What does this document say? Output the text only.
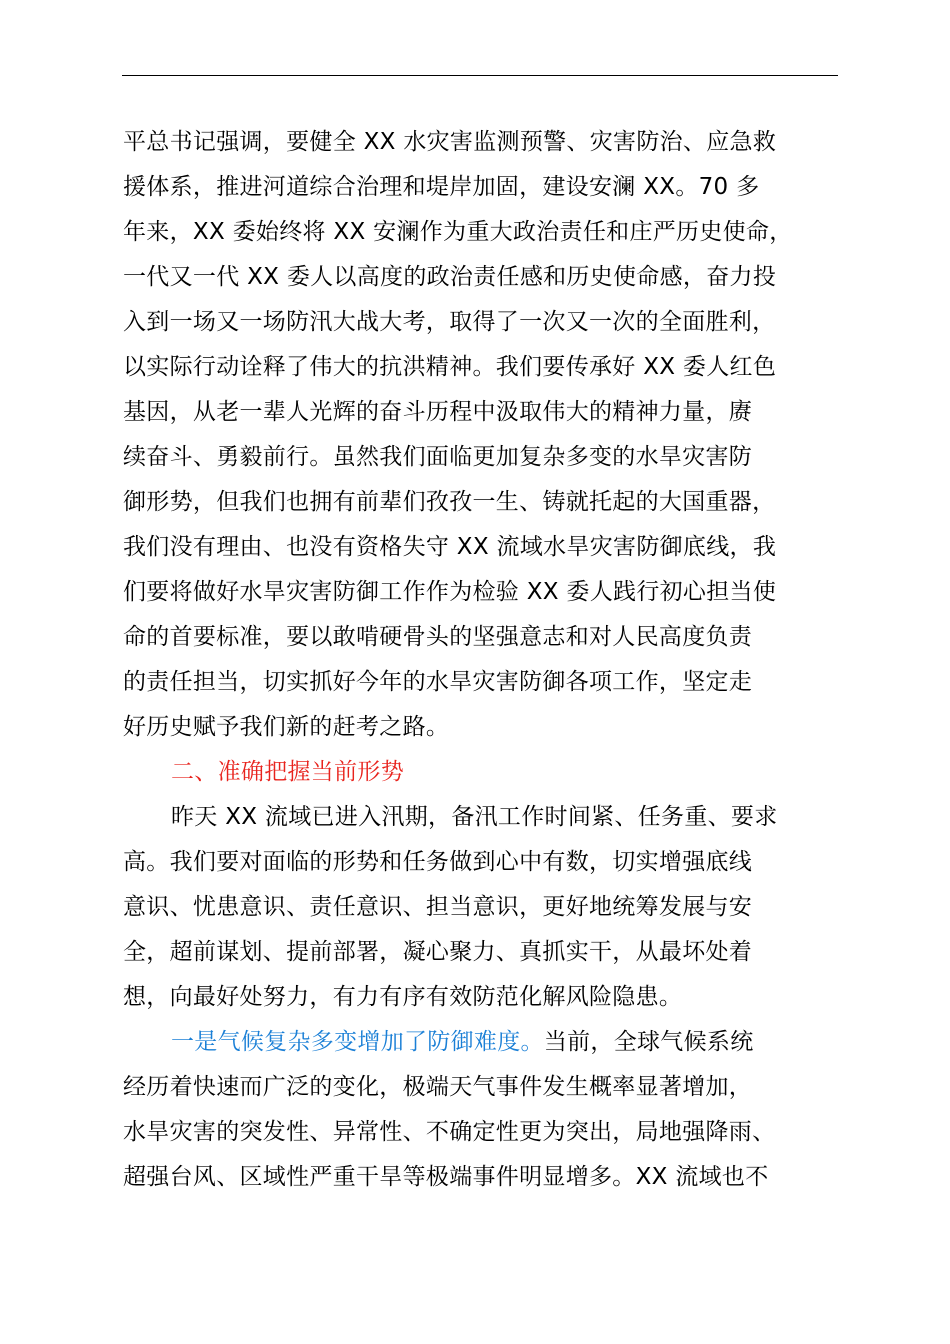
平总书记强调，要健全 XX 水灾害监测预警、灾害防治、应急救
援体系，推进河道综合治理和堤岸加固，建设安澜 XX。70 多
年来，XX 委始终将 XX 安澜作为重大政治责任和庄严历史使命，
一代又一代 XX 委人以高度的政治责任感和历史使命感，奋力投
入到一场又一场防汛大战大考，取得了一次又一次的全面胜利，
以实际行动诠释了伟大的抗洪精神。我们要传承好 XX 委人红色
基因，从老一辈人光辉的奋斗历程中汲取伟大的精神力量，赓
续奋斗、勇毅前行。虽然我们面临更加复杂多变的水旱灾害防
御形势，但我们也拥有前辈们孜孜一生、铸就托起的大国重器，
我们没有理由、也没有资格失守 XX 流域水旱灾害防御底线，我
们要将做好水旱灾害防御工作作为检验 XX 委人践行初心担当使
命的首要标准，要以敢啃硬骨头的坚强意志和对人民高度负责
的责任担当，切实抓好今年的水旱灾害防御各项工作，坚定走
好历史赋予我们新的赶考之路。
二、准确把握当前形势
昨天 XX 流域已进入汛期，备汛工作时间紧、任务重、要求
高。我们要对面临的形势和任务做到心中有数，切实增强底线
意识、忧患意识、责任意识、担当意识，更好地统筹发展与安
全，超前谋划、提前部署，凝心聚力、真抓实干，从最坏处着
想，向最好处努力，有力有序有效防范化解风险隐患。
一是气候复杂多变增加了防御难度。当前，全球气候系统
经历着快速而广泛的变化，极端天气事件发生概率显著增加，
水旱灾害的突发性、异常性、不确定性更为突出，局地强降雨、
超强台风、区域性严重干旱等极端事件明显增多。XX 流域也不
